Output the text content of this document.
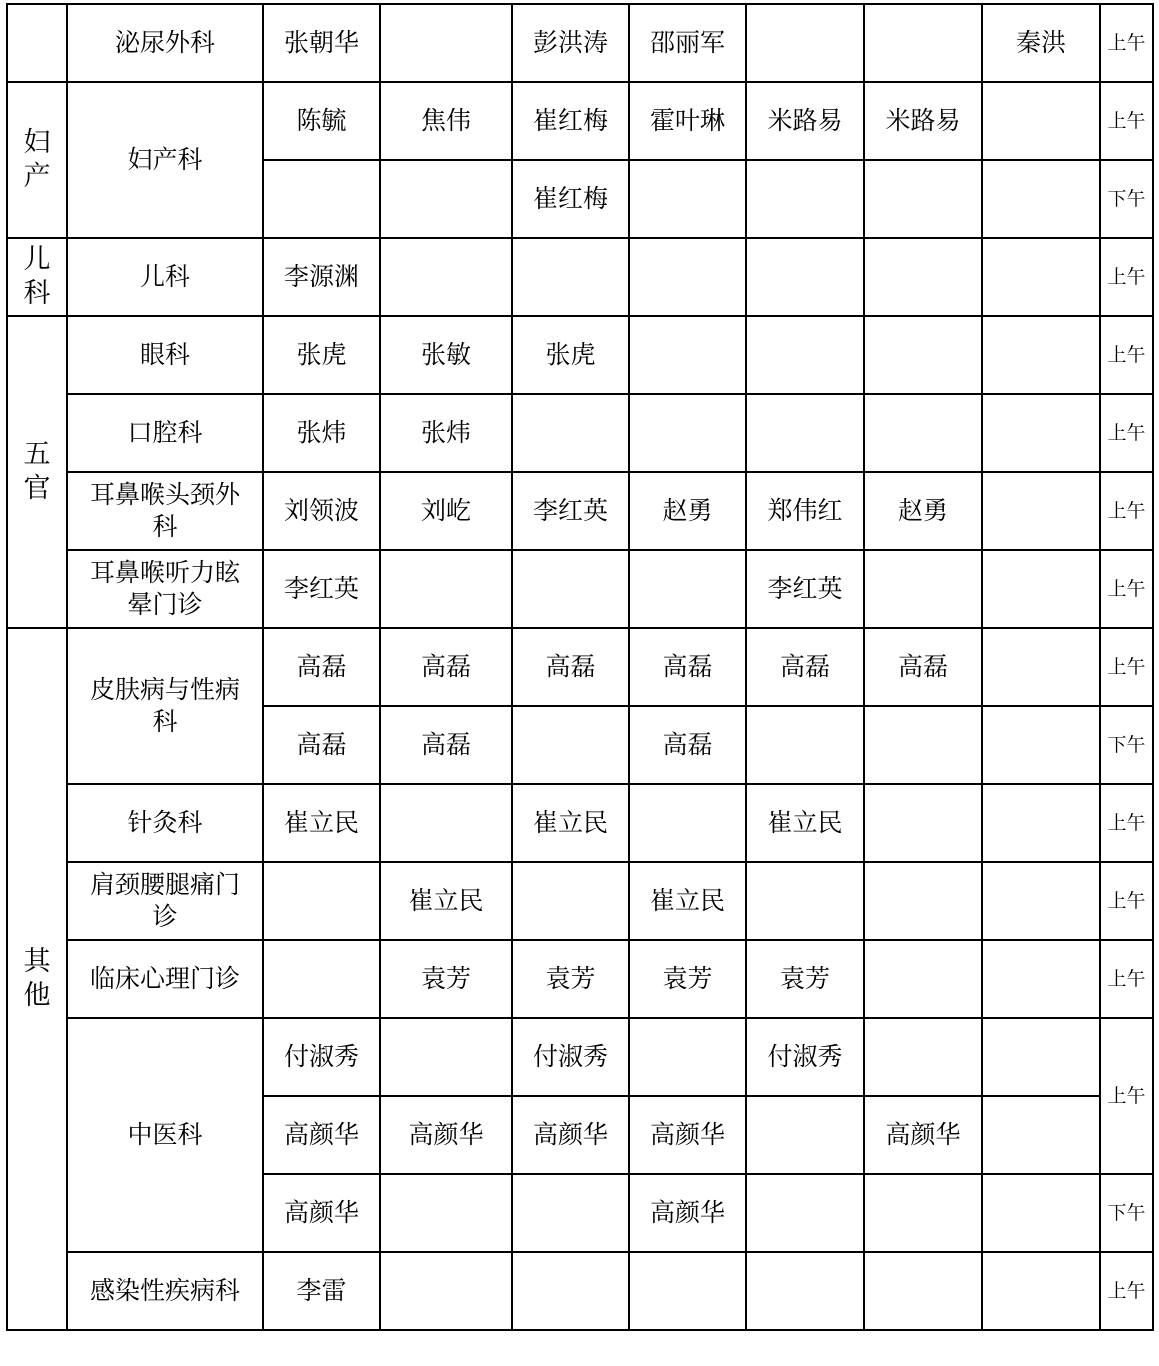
	泌尿外科	张朝华		彭洪涛	邵丽军			秦洪	上午
妇产	妇产科	陈毓	焦伟	崔红梅	霍叶琳	米路易	米路易		上午
				崔红梅					下午
儿科	儿科	李源渊							上午
五官	眼科	张虎	张敏	张虎					上午
	口腔科	张炜	张炜						上午
	耳鼻喉头颈外科	刘领波	刘屹	李红英	赵勇	郑伟红	赵勇		上午
	耳鼻喉听力眩晕门诊	李红英				李红英			上午
其他	皮肤病与性病科	高磊	高磊	高磊	高磊	高磊	高磊		上午
		高磊	高磊		高磊				下午
	针灸科	崔立民		崔立民		崔立民			上午
	肩颈腰腿痛门诊		崔立民		崔立民				上午
	临床心理门诊		袁芳	袁芳	袁芳	袁芳			上午
	中医科	付淑秀		付淑秀		付淑秀			上午
		高颜华	高颜华	高颜华	高颜华		高颜华		
		高颜华			高颜华				下午
	感染性疾病科	李雷							上午
